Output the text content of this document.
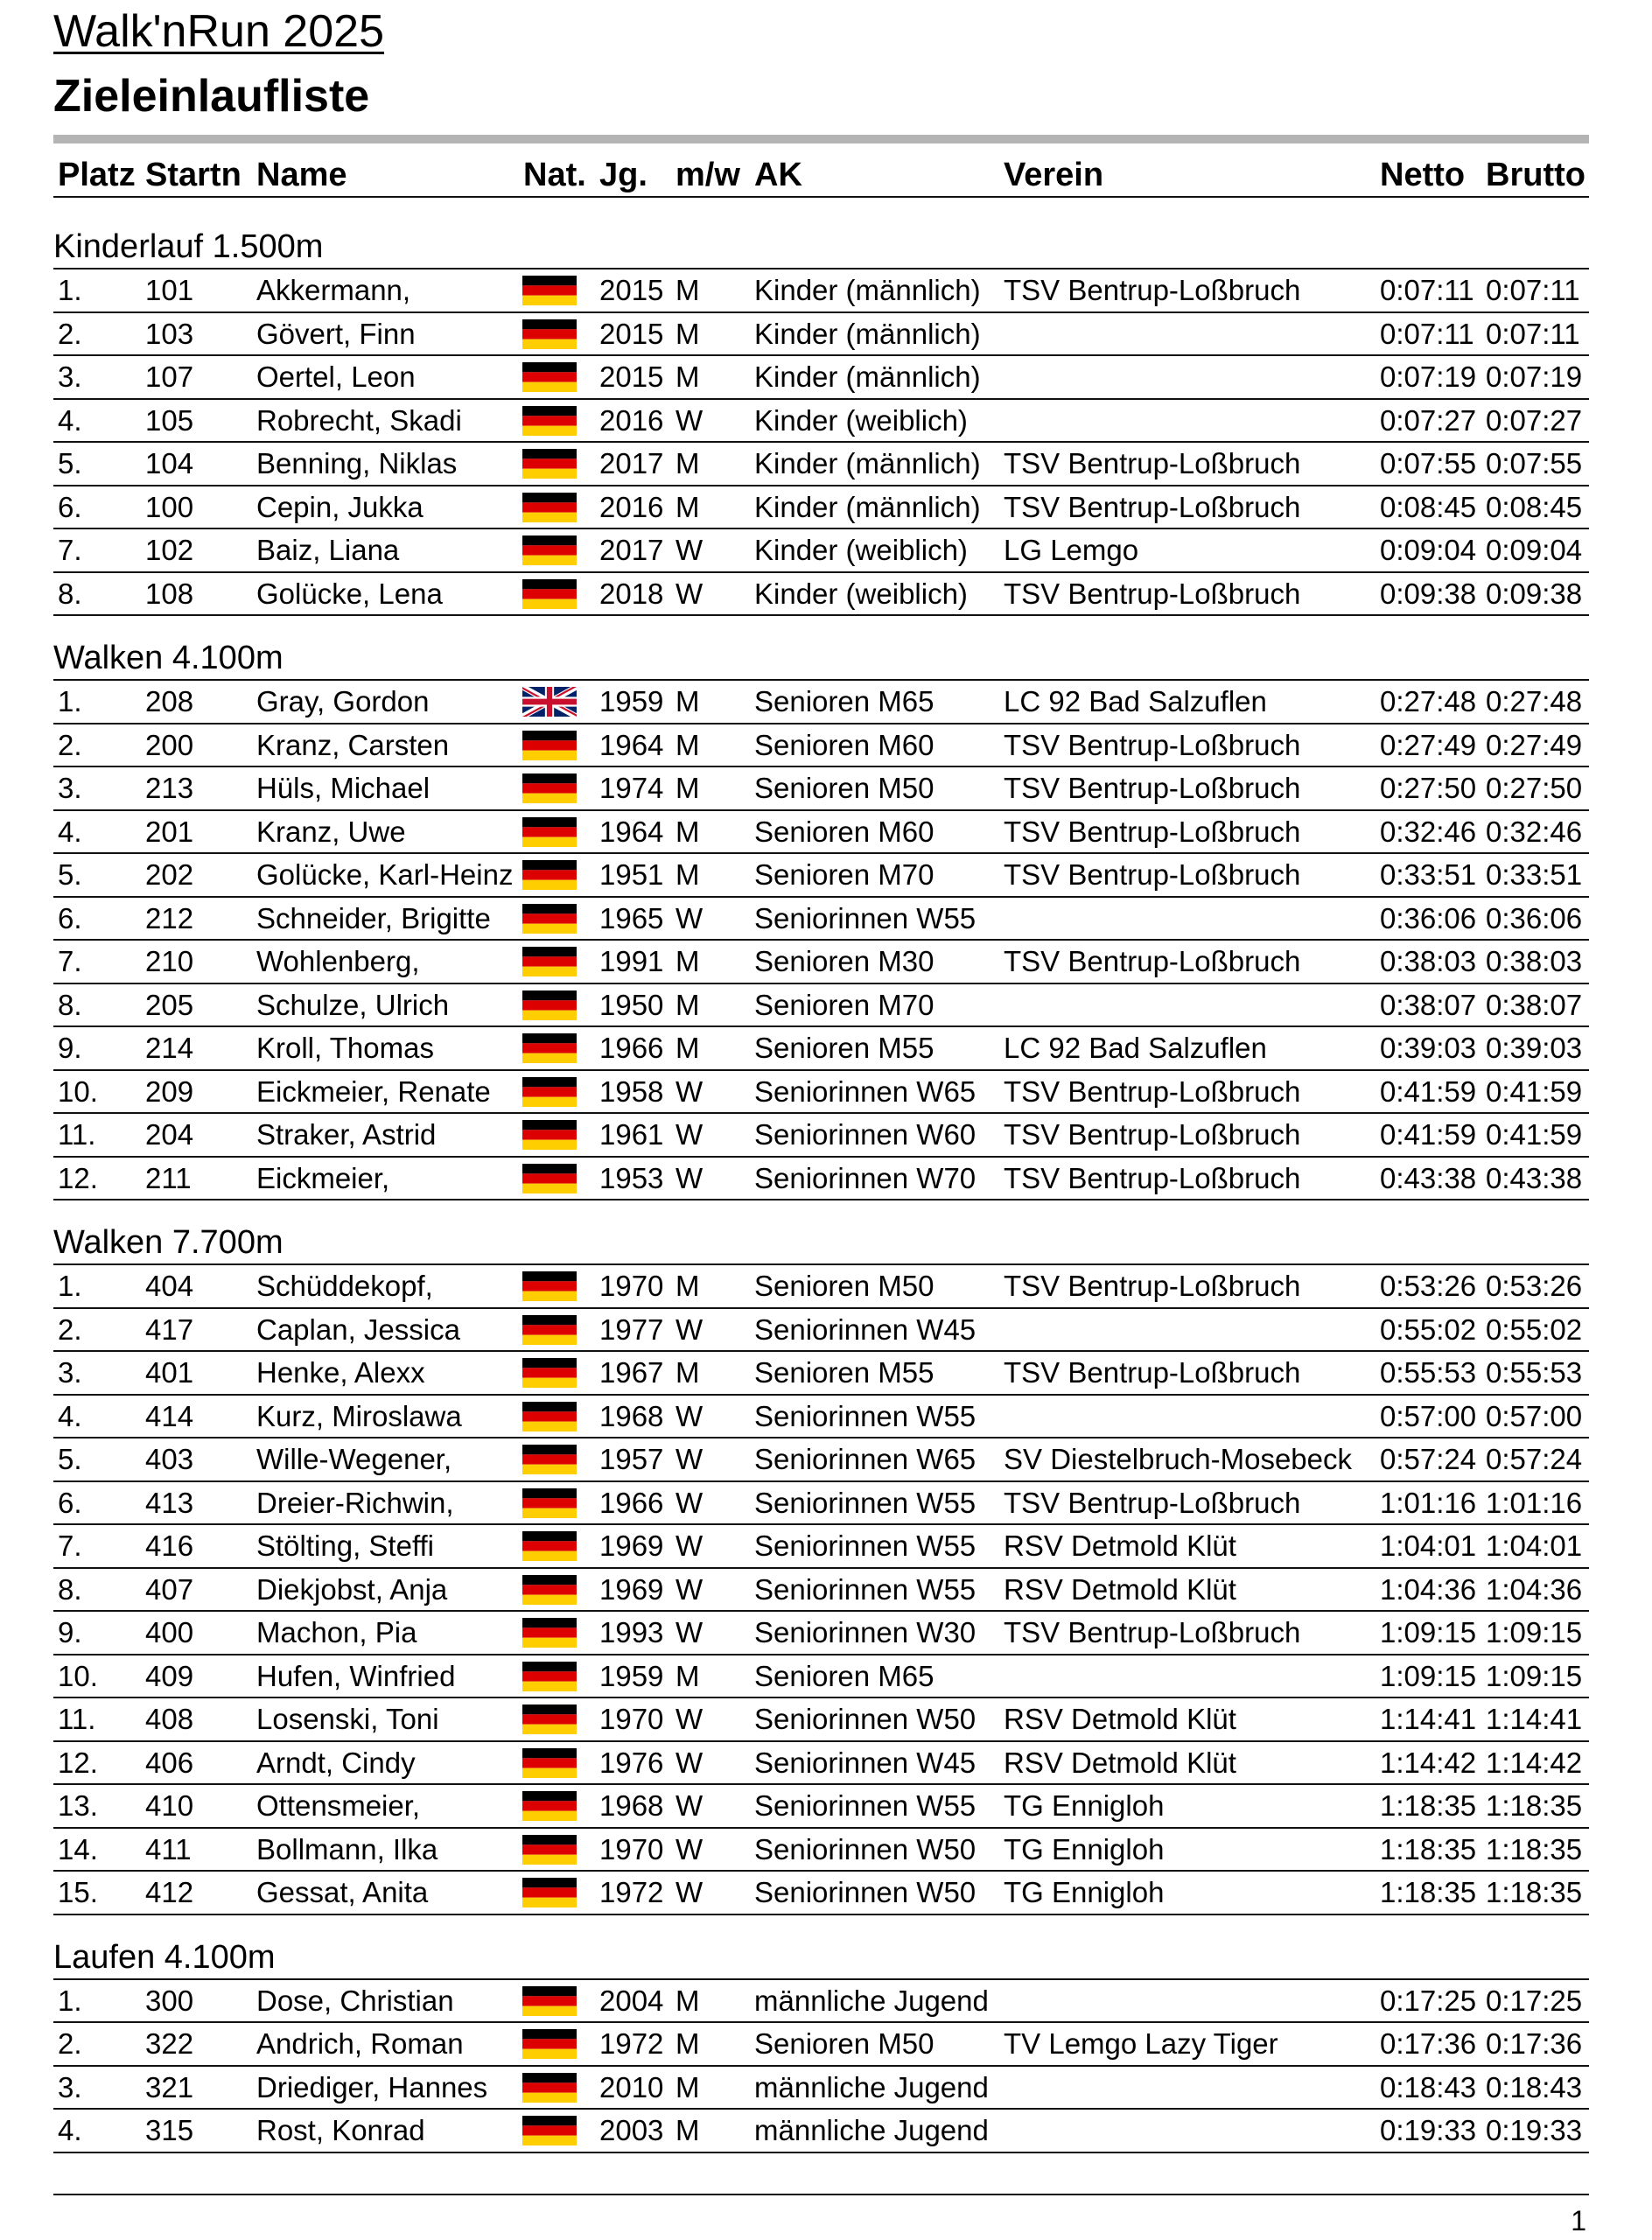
Walk'nRun 2025
Zieleinlaufliste
Platz Startn Name	Nat. Jg. m/w AK	Verein	Netto Brutto
Kinderlauf 1.500m
1. 101 Akkermann,	2015 M Kinder (männlich) TSV Bentrup-Loßbruch	0:07:11 0:07:11
2. 103 Gövert, Finn	2015 M Kinder (männlich)	0:07:11 0:07:11
3. 107 Oertel, Leon	2015 M Kinder (männlich)	0:07:19 0:07:19
4. 105 Robrecht, Skadi	2016 W Kinder (weiblich)	0:07:27 0:07:27
5. 104 Benning, Niklas	2017 M Kinder (männlich) TSV Bentrup-Loßbruch	0:07:55 0:07:55
6. 100 Cepin, Jukka	2016 M Kinder (männlich) TSV Bentrup-Loßbruch	0:08:45 0:08:45
7. 102 Baiz, Liana	2017 W Kinder (weiblich) LG Lemgo	0:09:04 0:09:04
8. 108 Golücke, Lena	2018 W Kinder (weiblich) TSV Bentrup-Loßbruch	0:09:38 0:09:38
Walken 4.100m
1. 208 Gray, Gordon	1959 M Senioren M65 LC 92 Bad Salzuflen	0:27:48 0:27:48
2. 200 Kranz, Carsten	1964 M Senioren M60 TSV Bentrup-Loßbruch	0:27:49 0:27:49
3. 213 Hüls, Michael	1974 M Senioren M50 TSV Bentrup-Loßbruch	0:27:50 0:27:50
4. 201 Kranz, Uwe	1964 M Senioren M60 TSV Bentrup-Loßbruch	0:32:46 0:32:46
5. 202 Golücke, Karl-Heinz	1951 M Senioren M70 TSV Bentrup-Loßbruch	0:33:51 0:33:51
6. 212 Schneider, Brigitte	1965 W Seniorinnen W55	0:36:06 0:36:06
7. 210 Wohlenberg,	1991 M Senioren M30 TSV Bentrup-Loßbruch	0:38:03 0:38:03
8. 205 Schulze, Ulrich	1950 M Senioren M70	0:38:07 0:38:07
9. 214 Kroll, Thomas	1966 M Senioren M55 LC 92 Bad Salzuflen	0:39:03 0:39:03
10. 209 Eickmeier, Renate	1958 W Seniorinnen W65 TSV Bentrup-Loßbruch	0:41:59 0:41:59
11. 204 Straker, Astrid	1961 W Seniorinnen W60 TSV Bentrup-Loßbruch	0:41:59 0:41:59
12. 211 Eickmeier,	1953 W Seniorinnen W70 TSV Bentrup-Loßbruch	0:43:38 0:43:38
Walken 7.700m
1. 404 Schüddekopf,	1970 M Senioren M50 TSV Bentrup-Loßbruch	0:53:26 0:53:26
2. 417 Caplan, Jessica	1977 W Seniorinnen W45	0:55:02 0:55:02
3. 401 Henke, Alexx	1967 M Senioren M55 TSV Bentrup-Loßbruch	0:55:53 0:55:53
4. 414 Kurz, Miroslawa	1968 W Seniorinnen W55	0:57:00 0:57:00
5. 403 Wille-Wegener,	1957 W Seniorinnen W65 SV Diestelbruch-Mosebeck 0:57:24 0:57:24
6. 413 Dreier-Richwin,	1966 W Seniorinnen W55 TSV Bentrup-Loßbruch	1:01:16 1:01:16
7. 416 Stölting, Steffi	1969 W Seniorinnen W55 RSV Detmold Klüt	1:04:01 1:04:01
8. 407 Diekjobst, Anja	1969 W Seniorinnen W55 RSV Detmold Klüt	1:04:36 1:04:36
9. 400 Machon, Pia	1993 W Seniorinnen W30 TSV Bentrup-Loßbruch	1:09:15 1:09:15
10. 409 Hufen, Winfried	1959 M Senioren M65	1:09:15 1:09:15
11. 408 Losenski, Toni	1970 W Seniorinnen W50 RSV Detmold Klüt	1:14:41 1:14:41
12. 406 Arndt, Cindy	1976 W Seniorinnen W45 RSV Detmold Klüt	1:14:42 1:14:42
13. 410 Ottensmeier,	1968 W Seniorinnen W55 TG Ennigloh	1:18:35 1:18:35
14. 411 Bollmann, Ilka	1970 W Seniorinnen W50 TG Ennigloh	1:18:35 1:18:35
15. 412 Gessat, Anita	1972 W Seniorinnen W50 TG Ennigloh	1:18:35 1:18:35
Laufen 4.100m
1. 300 Dose, Christian	2004 M männliche Jugend	0:17:25 0:17:25
2. 322 Andrich, Roman	1972 M Senioren M50 TV Lemgo Lazy Tiger	0:17:36 0:17:36
3. 321 Driediger, Hannes	2010 M männliche Jugend	0:18:43 0:18:43
4. 315 Rost, Konrad	2003 M männliche Jugend	0:19:33 0:19:33
1
